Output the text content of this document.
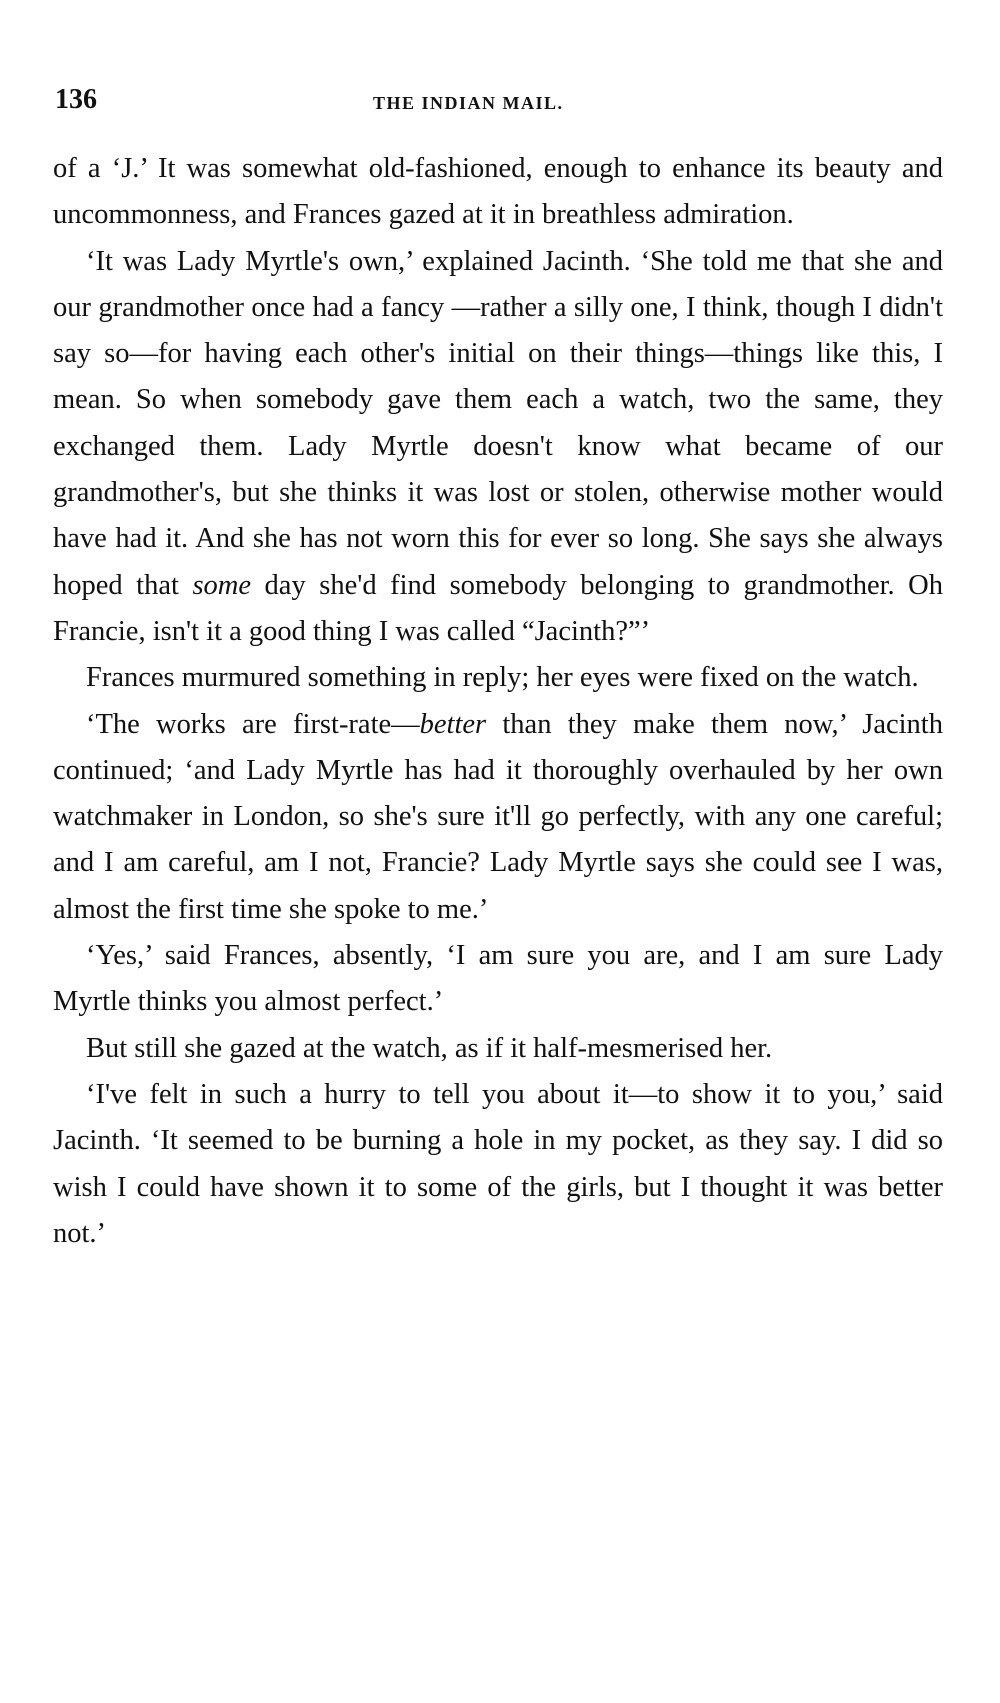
136	THE INDIAN MAIL.

of a ‘J.’ It was somewhat old-fashioned, enough to enhance its beauty and uncommonness, and Frances gazed at it in breathless admiration.

‘It was Lady Myrtle's own,’ explained Jacinth. ‘She told me that she and our grandmother once had a fancy —rather a silly one, I think, though I didn't say so—for having each other's initial on their things—things like this, I mean. So when somebody gave them each a watch, two the same, they exchanged them. Lady Myrtle doesn't know what became of our grandmother's, but she thinks it was lost or stolen, otherwise mother would have had it. And she has not worn this for ever so long. She says she always hoped that some day she'd find somebody belonging to grandmother. Oh Francie, isn't it a good thing I was called “Jacinth?”’

Frances murmured something in reply; her eyes were fixed on the watch.

‘The works are first-rate—better than they make them now,’ Jacinth continued; ‘and Lady Myrtle has had it thoroughly overhauled by her own watchmaker in London, so she's sure it'll go perfectly, with any one careful; and I am careful, am I not, Francie? Lady Myrtle says she could see I was, almost the first time she spoke to me.’

‘Yes,’ said Frances, absently, ‘I am sure you are, and I am sure Lady Myrtle thinks you almost perfect.’

But still she gazed at the watch, as if it half-mesmerised her.

‘I've felt in such a hurry to tell you about it—to show it to you,’ said Jacinth. ‘It seemed to be burning a hole in my pocket, as they say. I did so wish I could have shown it to some of the girls, but I thought it was better not.’
